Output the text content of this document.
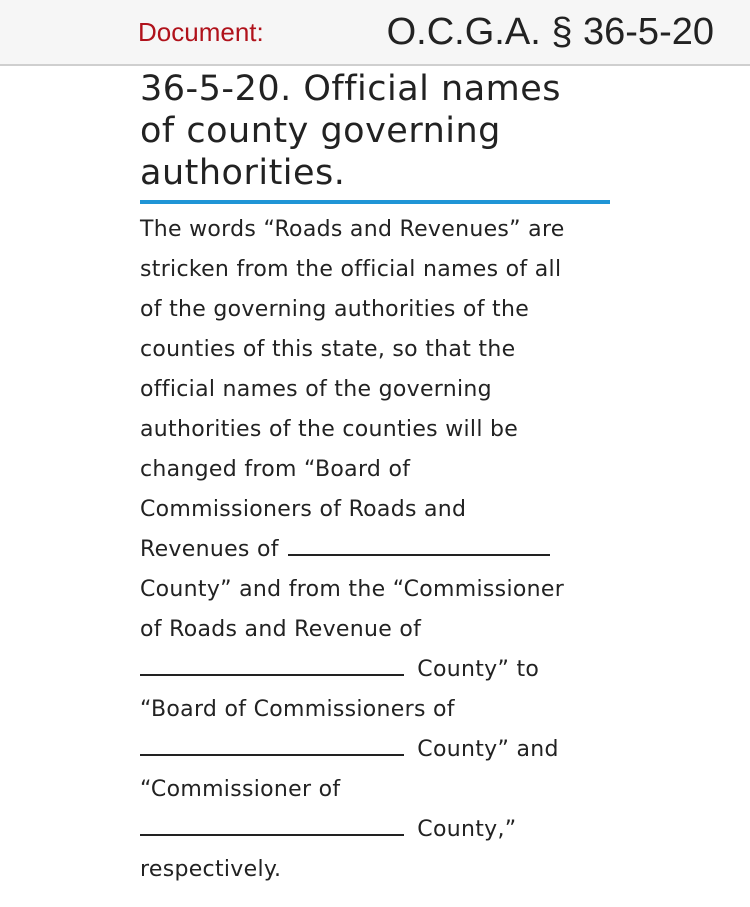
Document:	O.C.G.A. § 36-5-20
36-5-20. Official names
of county governing
authorities.
The words “Roads and Revenues” are
stricken from the official names of all
of the governing authorities of the
counties of this state, so that the
official names of the governing
authorities of the counties will be
changed from “Board of
Commissioners of Roads and
Revenues of
County” and from the “Commissioner
of Roads and Revenue of
County” to
“Board of Commissioners of
County” and
“Commissioner of
County,”
respectively.
